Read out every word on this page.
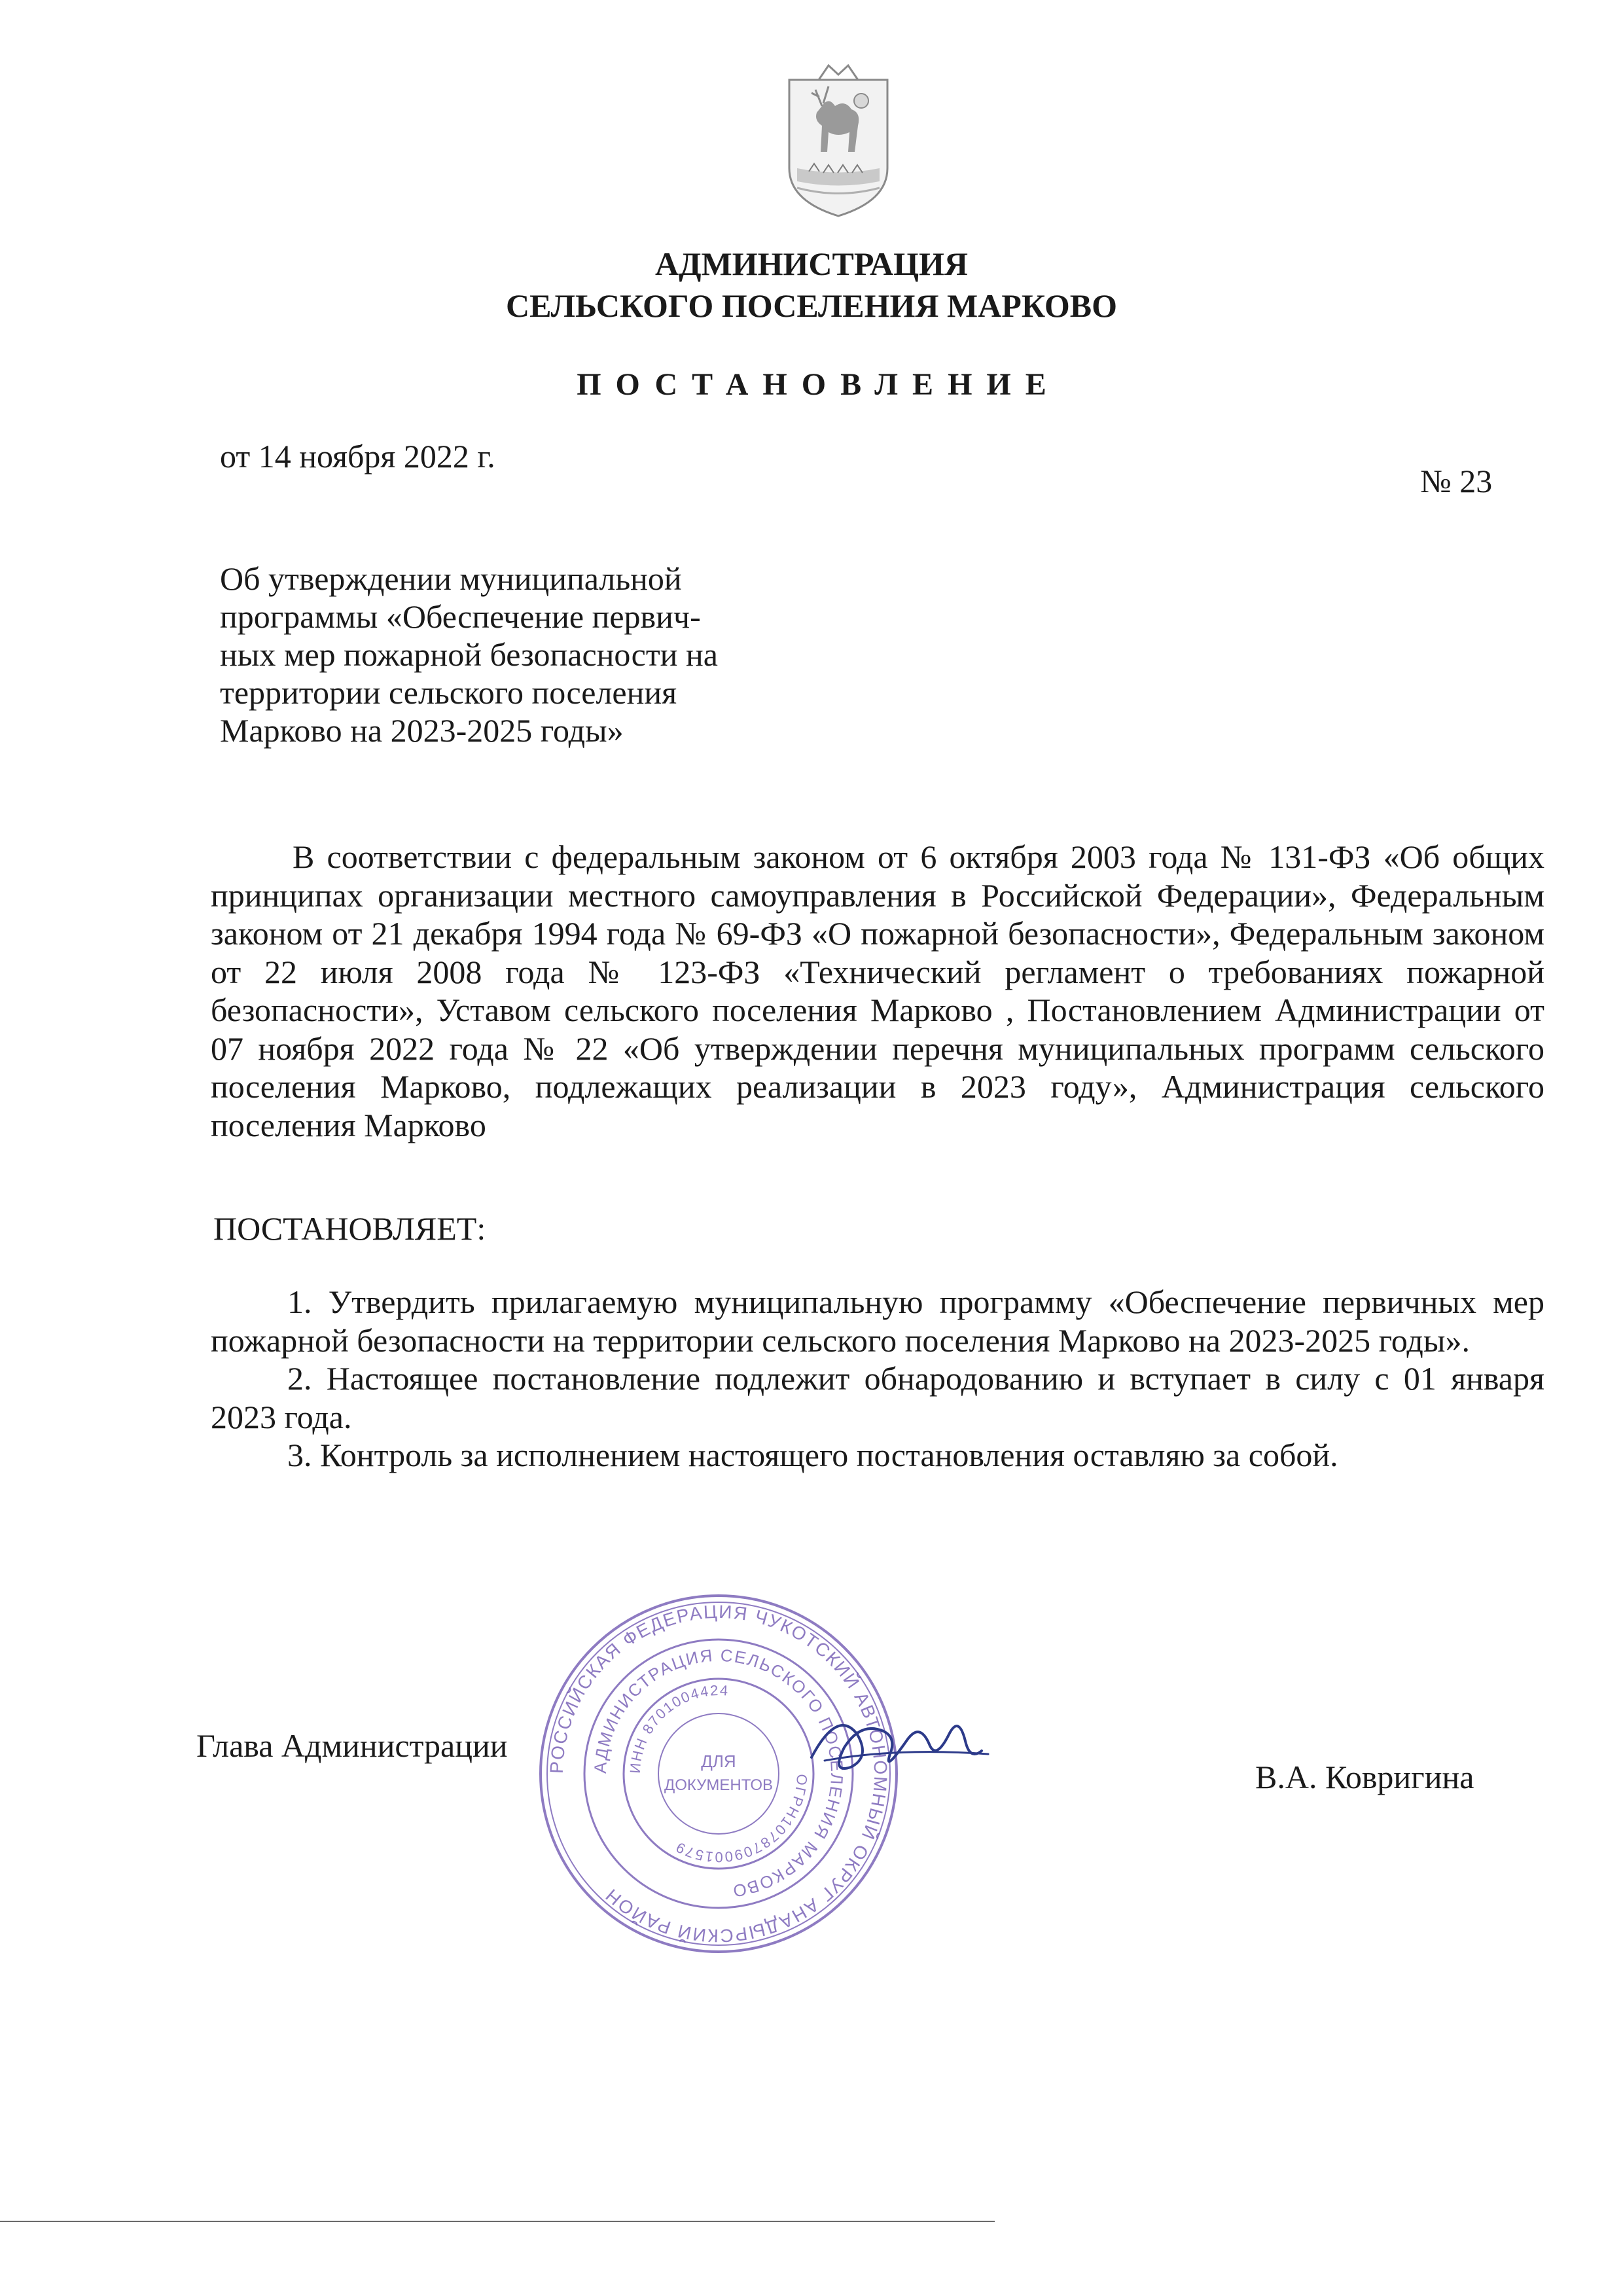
АДМИНИСТРАЦИЯ
СЕЛЬСКОГО ПОСЕЛЕНИЯ МАРКОВО
ПОСТАНОВЛЕНИЕ
от 14 ноября 2022 г.
№ 23
Об утверждении муниципальной
программы «Обеспечение первич-
ных мер пожарной безопасности на
территории сельского поселения
Марково на 2023-2025 годы»
В соответствии с федеральным законом от 6 октября 2003 года № 131-ФЗ «Об общих принципах организации местного самоуправления в Российской Федерации», Федеральным законом от 21 декабря 1994 года № 69-ФЗ «О пожарной безопасности», Федеральным законом от 22 июля 2008 года № 123-ФЗ «Технический регламент о требованиях пожарной безопасности», Уставом сельского поселения Марково , Постановлением Администрации от 07 ноября 2022 года № 22 «Об утверждении перечня муниципальных программ сельского поселения Марково, подлежащих реализации в 2023 году», Администрация сельского поселения Марково
ПОСТАНОВЛЯЕТ:

1. Утвердить прилагаемую муниципальную программу «Обеспечение первичных мер пожарной безопасности на территории сельского поселения Марково на 2023-2025 годы».

2. Настоящее постановление подлежит обнародованию и вступает в силу с 01 января 2023 года.

3. Контроль за исполнением настоящего постановления оставляю за собой.

Глава Администрации
В.А. Ковригина
РОССИЙСКАЯ ФЕДЕРАЦИЯ ЧУКОТСКИЙ АВТОНОМНЫЙ ОКРУГ АНАДЫРСКИЙ РАЙОН
АДМИНИСТРАЦИЯ СЕЛЬСКОГО ПОСЕЛЕНИЯ МАРКОВО
ИНН 8701004424
ОГРН1078709001579
ДЛЯ
ДОКУМЕНТОВ
